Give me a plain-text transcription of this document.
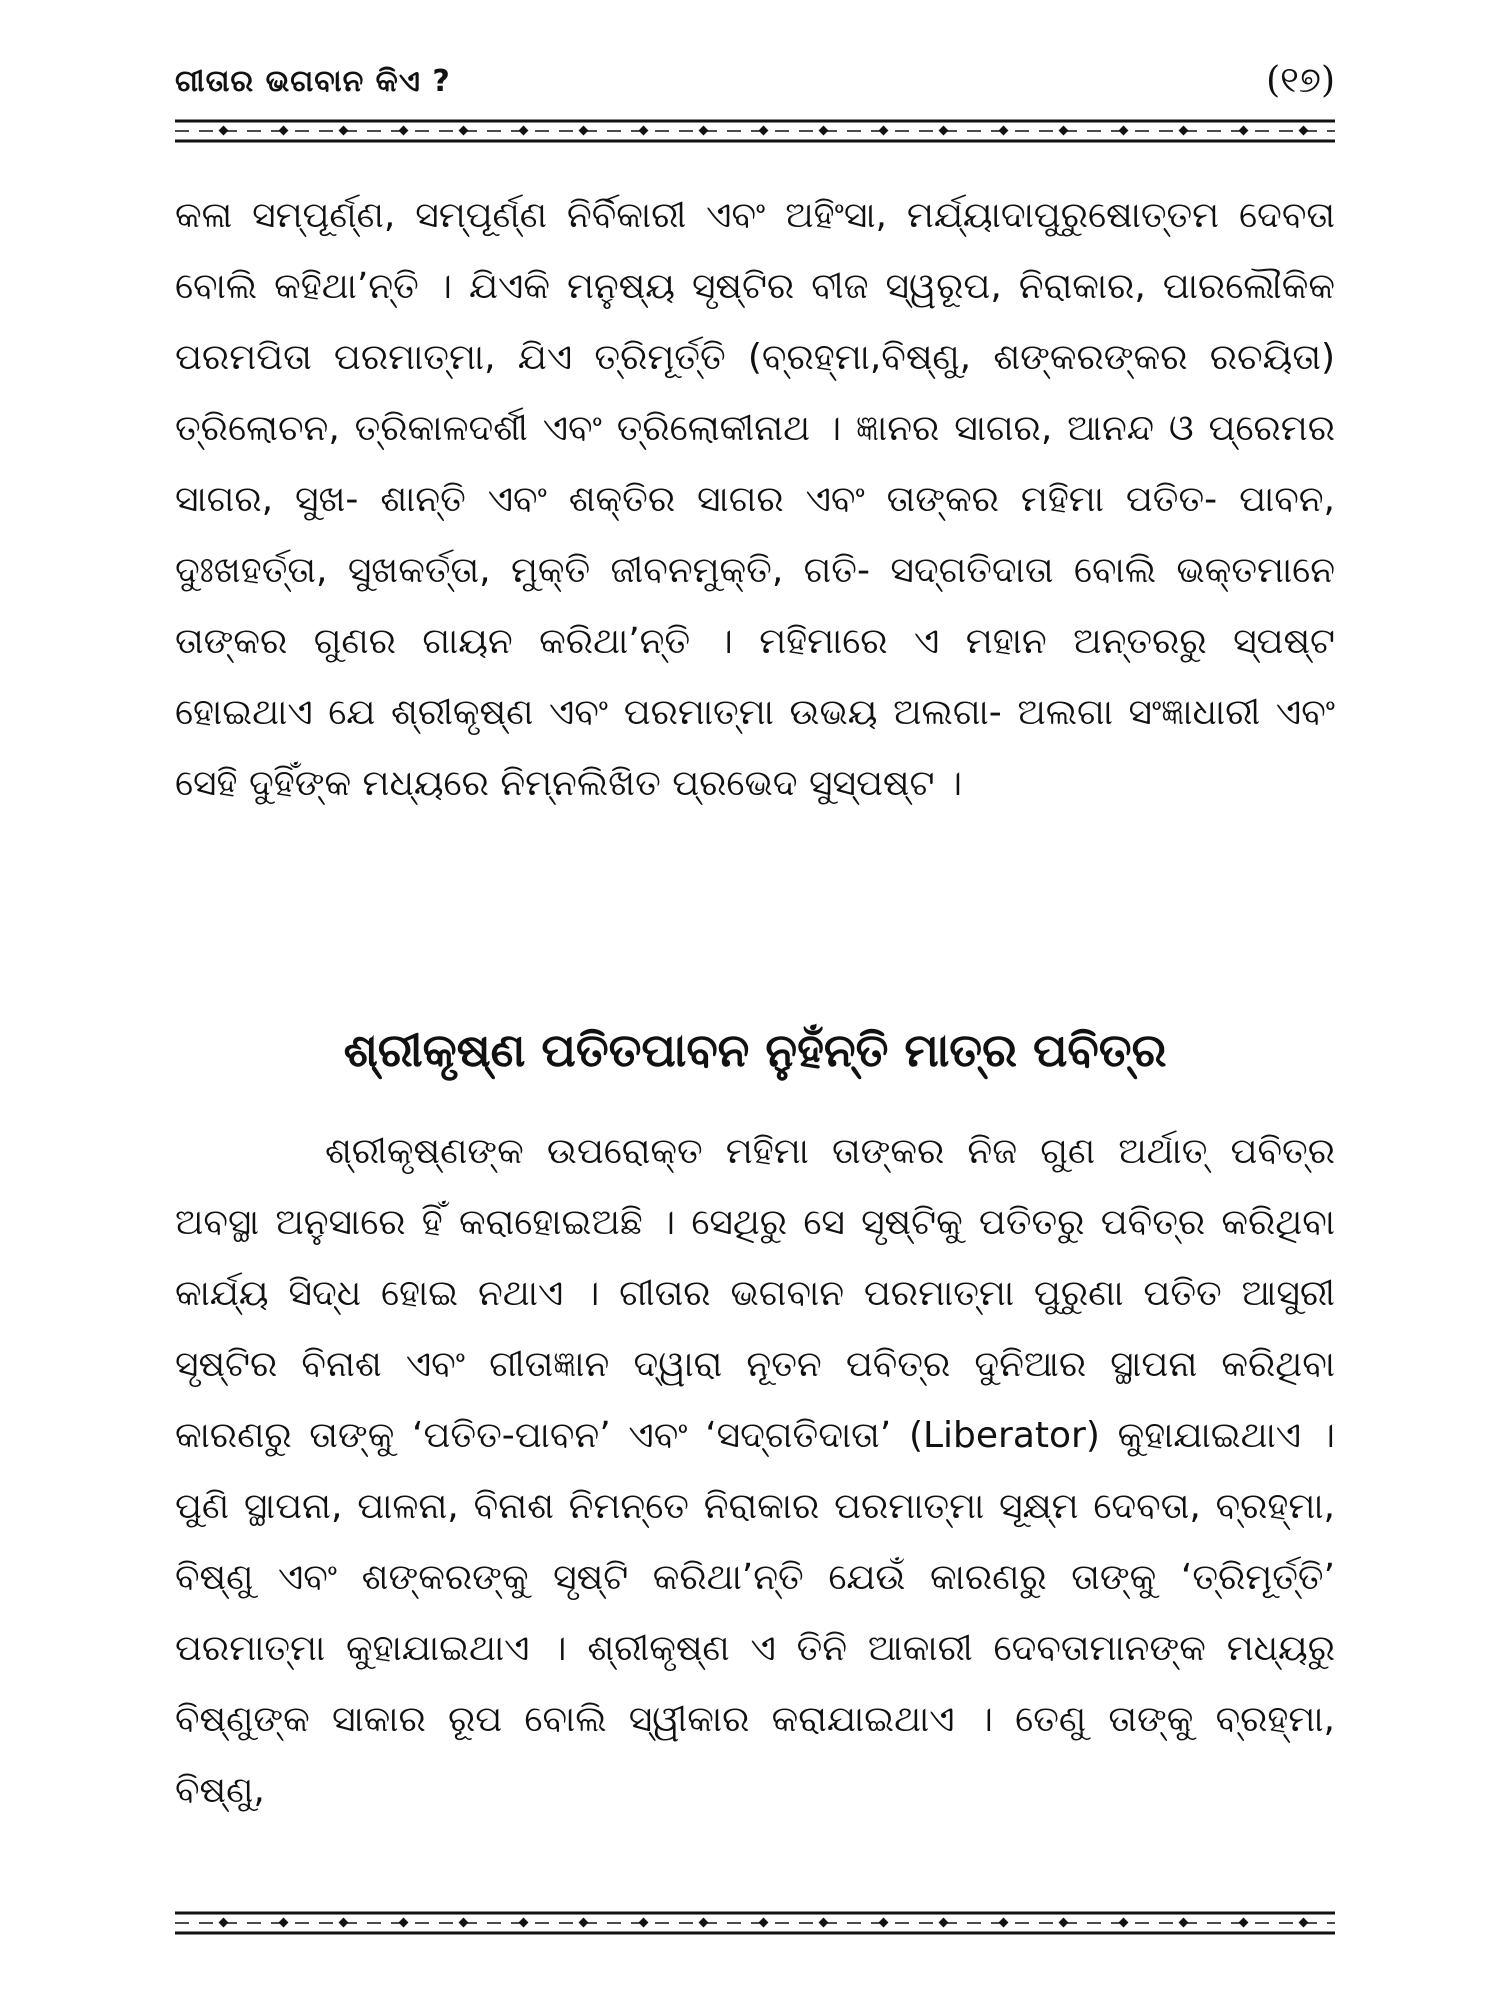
ଗୀତାର ଭଗବାନ କିଏ ?	(୧୭)

କଳା ସମ୍ପୂର୍ଣ୍ଣ, ସମ୍ପୂର୍ଣ୍ଣ ନିର୍ବିକାରୀ ଏବଂ ଅହିଂସା, ମର୍ଯ୍ୟାଦାପୁରୁଷୋତ୍ତମ ଦେବତା ବୋଲି କହିଥା’ନ୍ତି । ଯିଏକି ମନୁଷ୍ୟ ସୃଷ୍ଟିର ବୀଜ ସ୍ୱରୂପ, ନିରାକାର, ପାରଲୌକିକ ପରମପିତା ପରମାତ୍ମା, ଯିଏ ତ୍ରିମୂର୍ତ୍ତି (ବ୍ରହ୍ମା,ବିଷ୍ଣୁ, ଶଙ୍କରଙ୍କର ରଚୟିତା) ତ୍ରିଲୋଚନ, ତ୍ରିକାଳଦର୍ଶୀ ଏବଂ ତ୍ରିଲୋକୀନାଥ । ଜ୍ଞାନର ସାଗର, ଆନନ୍ଦ ଓ ପ୍ରେମର ସାଗର, ସୁଖ- ଶାନ୍ତି ଏବଂ ଶକ୍ତିର ସାଗର ଏବଂ ତାଙ୍କର ମହିମା ପତିତ- ପାବନ, ଦୁଃଖହର୍ତ୍ତା, ସୁଖକର୍ତ୍ତା, ମୁକ୍ତି ଜୀବନମୁକ୍ତି, ଗତି- ସଦ୍‌ଗତିଦାତା ବୋଲି ଭକ୍ତମାନେ ତାଙ୍କର ଗୁଣର ଗାୟନ କରିଥା’ନ୍ତି । ମହିମାରେ ଏ ମହାନ ଅନ୍ତରରୁ ସ୍ପଷ୍ଟ ହୋଇଥାଏ ଯେ ଶ୍ରୀକୃଷ୍ଣ ଏବଂ ପରମାତ୍ମା ଉଭୟ ଅଲଗା- ଅଲଗା ସଂଜ୍ଞାଧାରୀ ଏବଂ ସେହି ଦୁହିଁଙ୍କ ମଧ୍ୟରେ ନିମ୍ନଲିଖିତ ପ୍ରଭେଦ ସୁସ୍ପଷ୍ଟ ।

ଶ୍ରୀକୃଷ୍ଣ ପତିତପାବନ ନୁହଁନ୍ତି ମାତ୍ର ପବିତ୍ର

ଶ୍ରୀକୃଷ୍ଣଙ୍କ ଉପରୋକ୍ତ ମହିମା ତାଙ୍କର ନିଜ ଗୁଣ ଅର୍ଥାତ୍ ପବିତ୍ର ଅବସ୍ଥା ଅନୁସାରେ ହିଁ କରାହୋଇଅଛି । ସେଥିରୁ ସେ ସୃଷ୍ଟିକୁ ପତିତରୁ ପବିତ୍ର କରିଥିବା କାର୍ଯ୍ୟ ସିଦ୍ଧ ହୋଇ ନଥାଏ । ଗୀତାର ଭଗବାନ ପରମାତ୍ମା ପୁରୁଣା ପତିତ ଆସୁରୀ ସୃଷ୍ଟିର ବିନାଶ ଏବଂ ଗୀତାଜ୍ଞାନ ଦ୍ୱାରା ନୂତନ ପବିତ୍ର ଦୁନିଆର ସ୍ଥାପନା କରିଥିବା କାରଣରୁ ତାଙ୍କୁ ‘ପତିତ-ପାବନ’ ଏବଂ ‘ସଦ୍‌ଗତିଦାତା’ (Liberator) କୁହାଯାଇଥାଏ । ପୁଣି ସ୍ଥାପନା, ପାଳନା, ବିନାଶ ନିମନ୍ତେ ନିରାକାର ପରମାତ୍ମା ସୂକ୍ଷ୍ମ ଦେବତା, ବ୍ରହ୍ମା, ବିଷ୍ଣୁ ଏବଂ ଶଙ୍କରଙ୍କୁ ସୃଷ୍ଟି କରିଥା’ନ୍ତି ଯେଉଁ କାରଣରୁ ତାଙ୍କୁ ‘ତ୍ରିମୂର୍ତ୍ତି’ ପରମାତ୍ମା କୁହାଯାଇଥାଏ । ଶ୍ରୀକୃଷ୍ଣ ଏ ତିନି ଆକାରୀ ଦେବତାମାନଙ୍କ ମଧ୍ୟରୁ ବିଷ୍ଣୁଙ୍କ ସାକାର ରୂପ ବୋଲି ସ୍ୱୀକାର କରାଯାଇଥାଏ । ତେଣୁ ତାଙ୍କୁ ବ୍ରହ୍ମା, ବିଷ୍ଣୁ,
